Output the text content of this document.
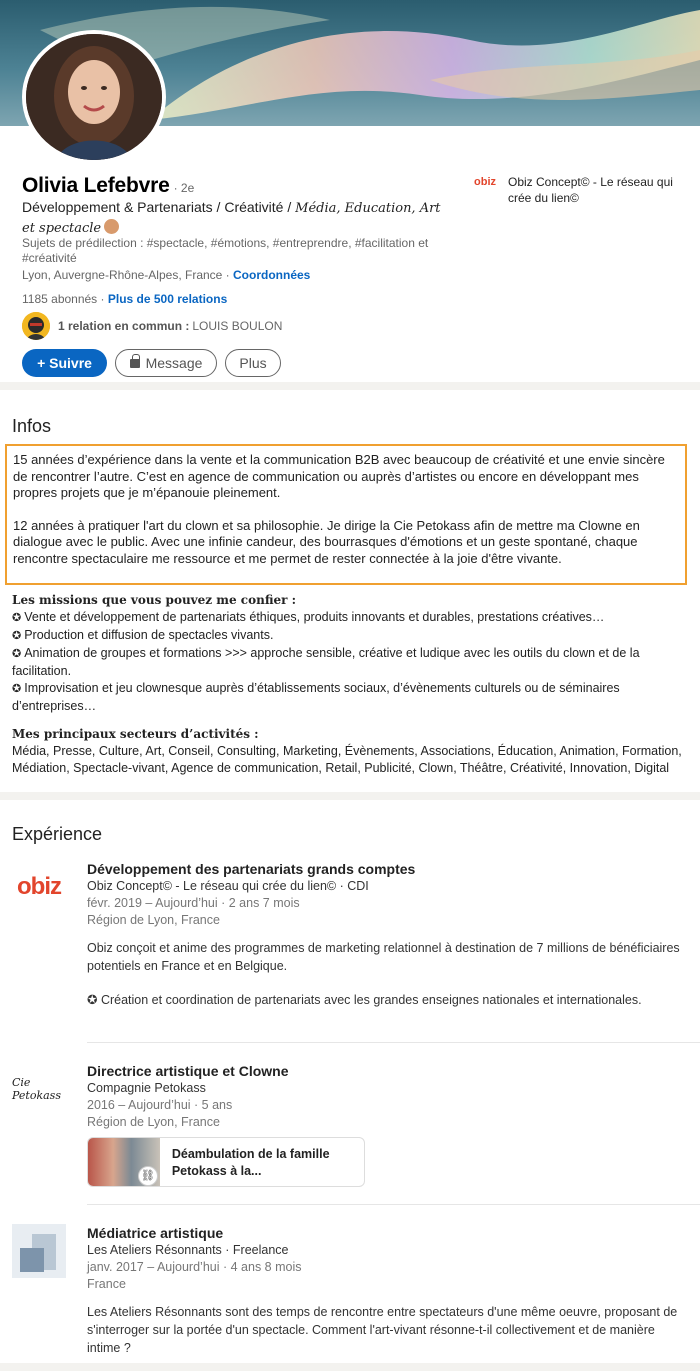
Olivia Lefebvre · 2e
Développement & Partenariats / Créativité / Média, Education, Art et spectacle
Sujets de prédilection : #spectacle, #émotions, #entreprendre, #facilitation et #créativité
Lyon, Auvergne-Rhône-Alpes, France · Coordonnées
1185 abonnés · Plus de 500 relations
1 relation en commun : LOUIS BOULON
+ Suivre	Message	Plus
obiz	Obiz Concept© - Le réseau qui crée du lien©
Infos

15 années d’expérience dans la vente et la communication B2B avec beaucoup de créativité et une envie sincère de rencontrer l’autre. C’est en agence de communication ou auprès d’artistes ou encore en développant mes propres projets que je m’épanouie pleinement.

12 années à pratiquer l'art du clown et sa philosophie. Je dirige la Cie Petokass afin de mettre ma Clowne en dialogue avec le public. Avec une infinie candeur, des bourrasques d'émotions et un geste spontané, chaque rencontre spectaculaire me ressource et me permet de rester connectée à la joie d'être vivante.

Les missions que vous pouvez me confier :
✪ Vente et développement de partenariats éthiques, produits innovants et durables, prestations créatives…
✪ Production et diffusion de spectacles vivants.
✪ Animation de groupes et formations >>> approche sensible, créative et ludique avec les outils du clown et de la facilitation.
✪ Improvisation et jeu clownesque auprès d’établissements sociaux, d’évènements culturels ou de séminaires d’entreprises…
Mes principaux secteurs d’activités :
Média, Presse, Culture, Art, Conseil, Consulting, Marketing, Évènements, Associations, Éducation, Animation, Formation, Médiation, Spectacle-vivant, Agence de communication, Retail, Publicité, Clown, Théâtre, Créativité, Innovation, Digital
Expérience
obiz
Développement des partenariats grands comptes
Obiz Concept© - Le réseau qui crée du lien© · CDI
févr. 2019 – Aujourd’hui · 2 ans 7 mois
Région de Lyon, France
Obiz conçoit et anime des programmes de marketing relationnel à destination de 7 millions de bénéficiaires potentiels en France et en Belgique.
✪ Création et coordination de partenariats avec les grandes enseignes nationales et internationales.
Cie Petokass
Directrice artistique et Clowne
Compagnie Petokass
2016 – Aujourd’hui · 5 ans
Région de Lyon, France
⛓
Déambulation de la famille Petokass à la...
Médiatrice artistique
Les Ateliers Résonnants · Freelance
janv. 2017 – Aujourd’hui · 4 ans 8 mois
France
Les Ateliers Résonnants sont des temps de rencontre entre spectateurs d'une même oeuvre, proposant de s'interroger sur la portée d'un spectacle. Comment l'art-vivant résonne-t-il collectivement et de manière intime ?
